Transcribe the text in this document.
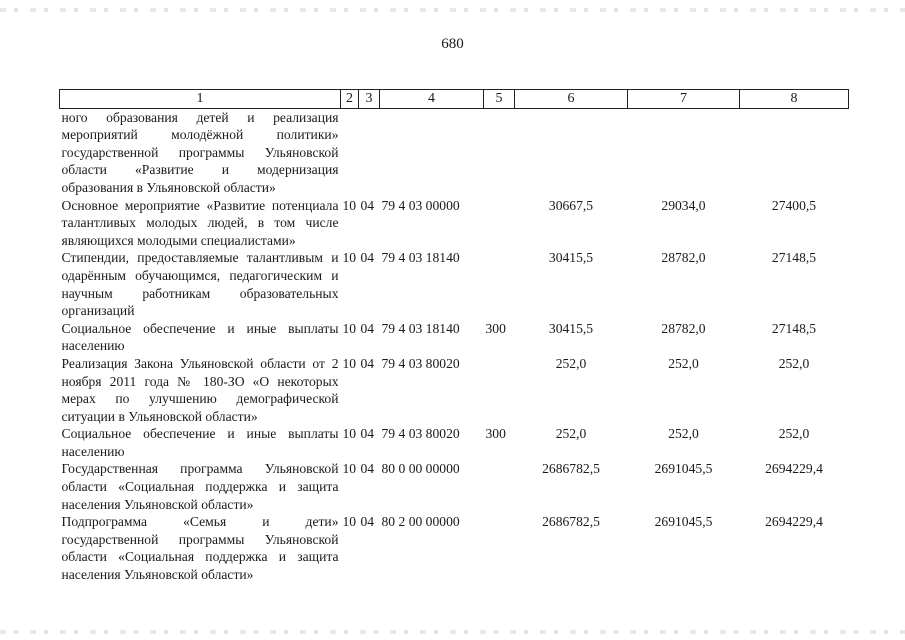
680
1	2	3	4	5	6	7	8
ного образования детей и реализация мероприятий молодёжной политики» государственной программы Ульяновской области «Развитие и модернизация образования в Ульяновской области»							
Основное мероприятие «Развитие потенциала талантливых молодых людей, в том числе являющихся молодыми специалистами»	10	04	79 4 03 00000		30667,5	29034,0	27400,5
Стипендии, предоставляемые талантливым и одарённым обучающимся, педагогическим и научным работникам образовательных организаций	10	04	79 4 03 18140		30415,5	28782,0	27148,5
Социальное обеспечение и иные выплаты населению	10	04	79 4 03 18140	300	30415,5	28782,0	27148,5
Реализация Закона Ульяновской области от 2 ноября 2011 года № 180-ЗО «О некоторых мерах по улучшению демографической ситуации в Ульяновской области»	10	04	79 4 03 80020		252,0	252,0	252,0
Социальное обеспечение и иные выплаты населению	10	04	79 4 03 80020	300	252,0	252,0	252,0
Государственная программа Ульяновской области «Социальная поддержка и защита населения Ульяновской области»	10	04	80 0 00 00000		2686782,5	2691045,5	2694229,4
Подпрограмма «Семья и дети» государственной программы Ульяновской области «Социальная поддержка и защита населения Ульяновской области»	10	04	80 2 00 00000		2686782,5	2691045,5	2694229,4
